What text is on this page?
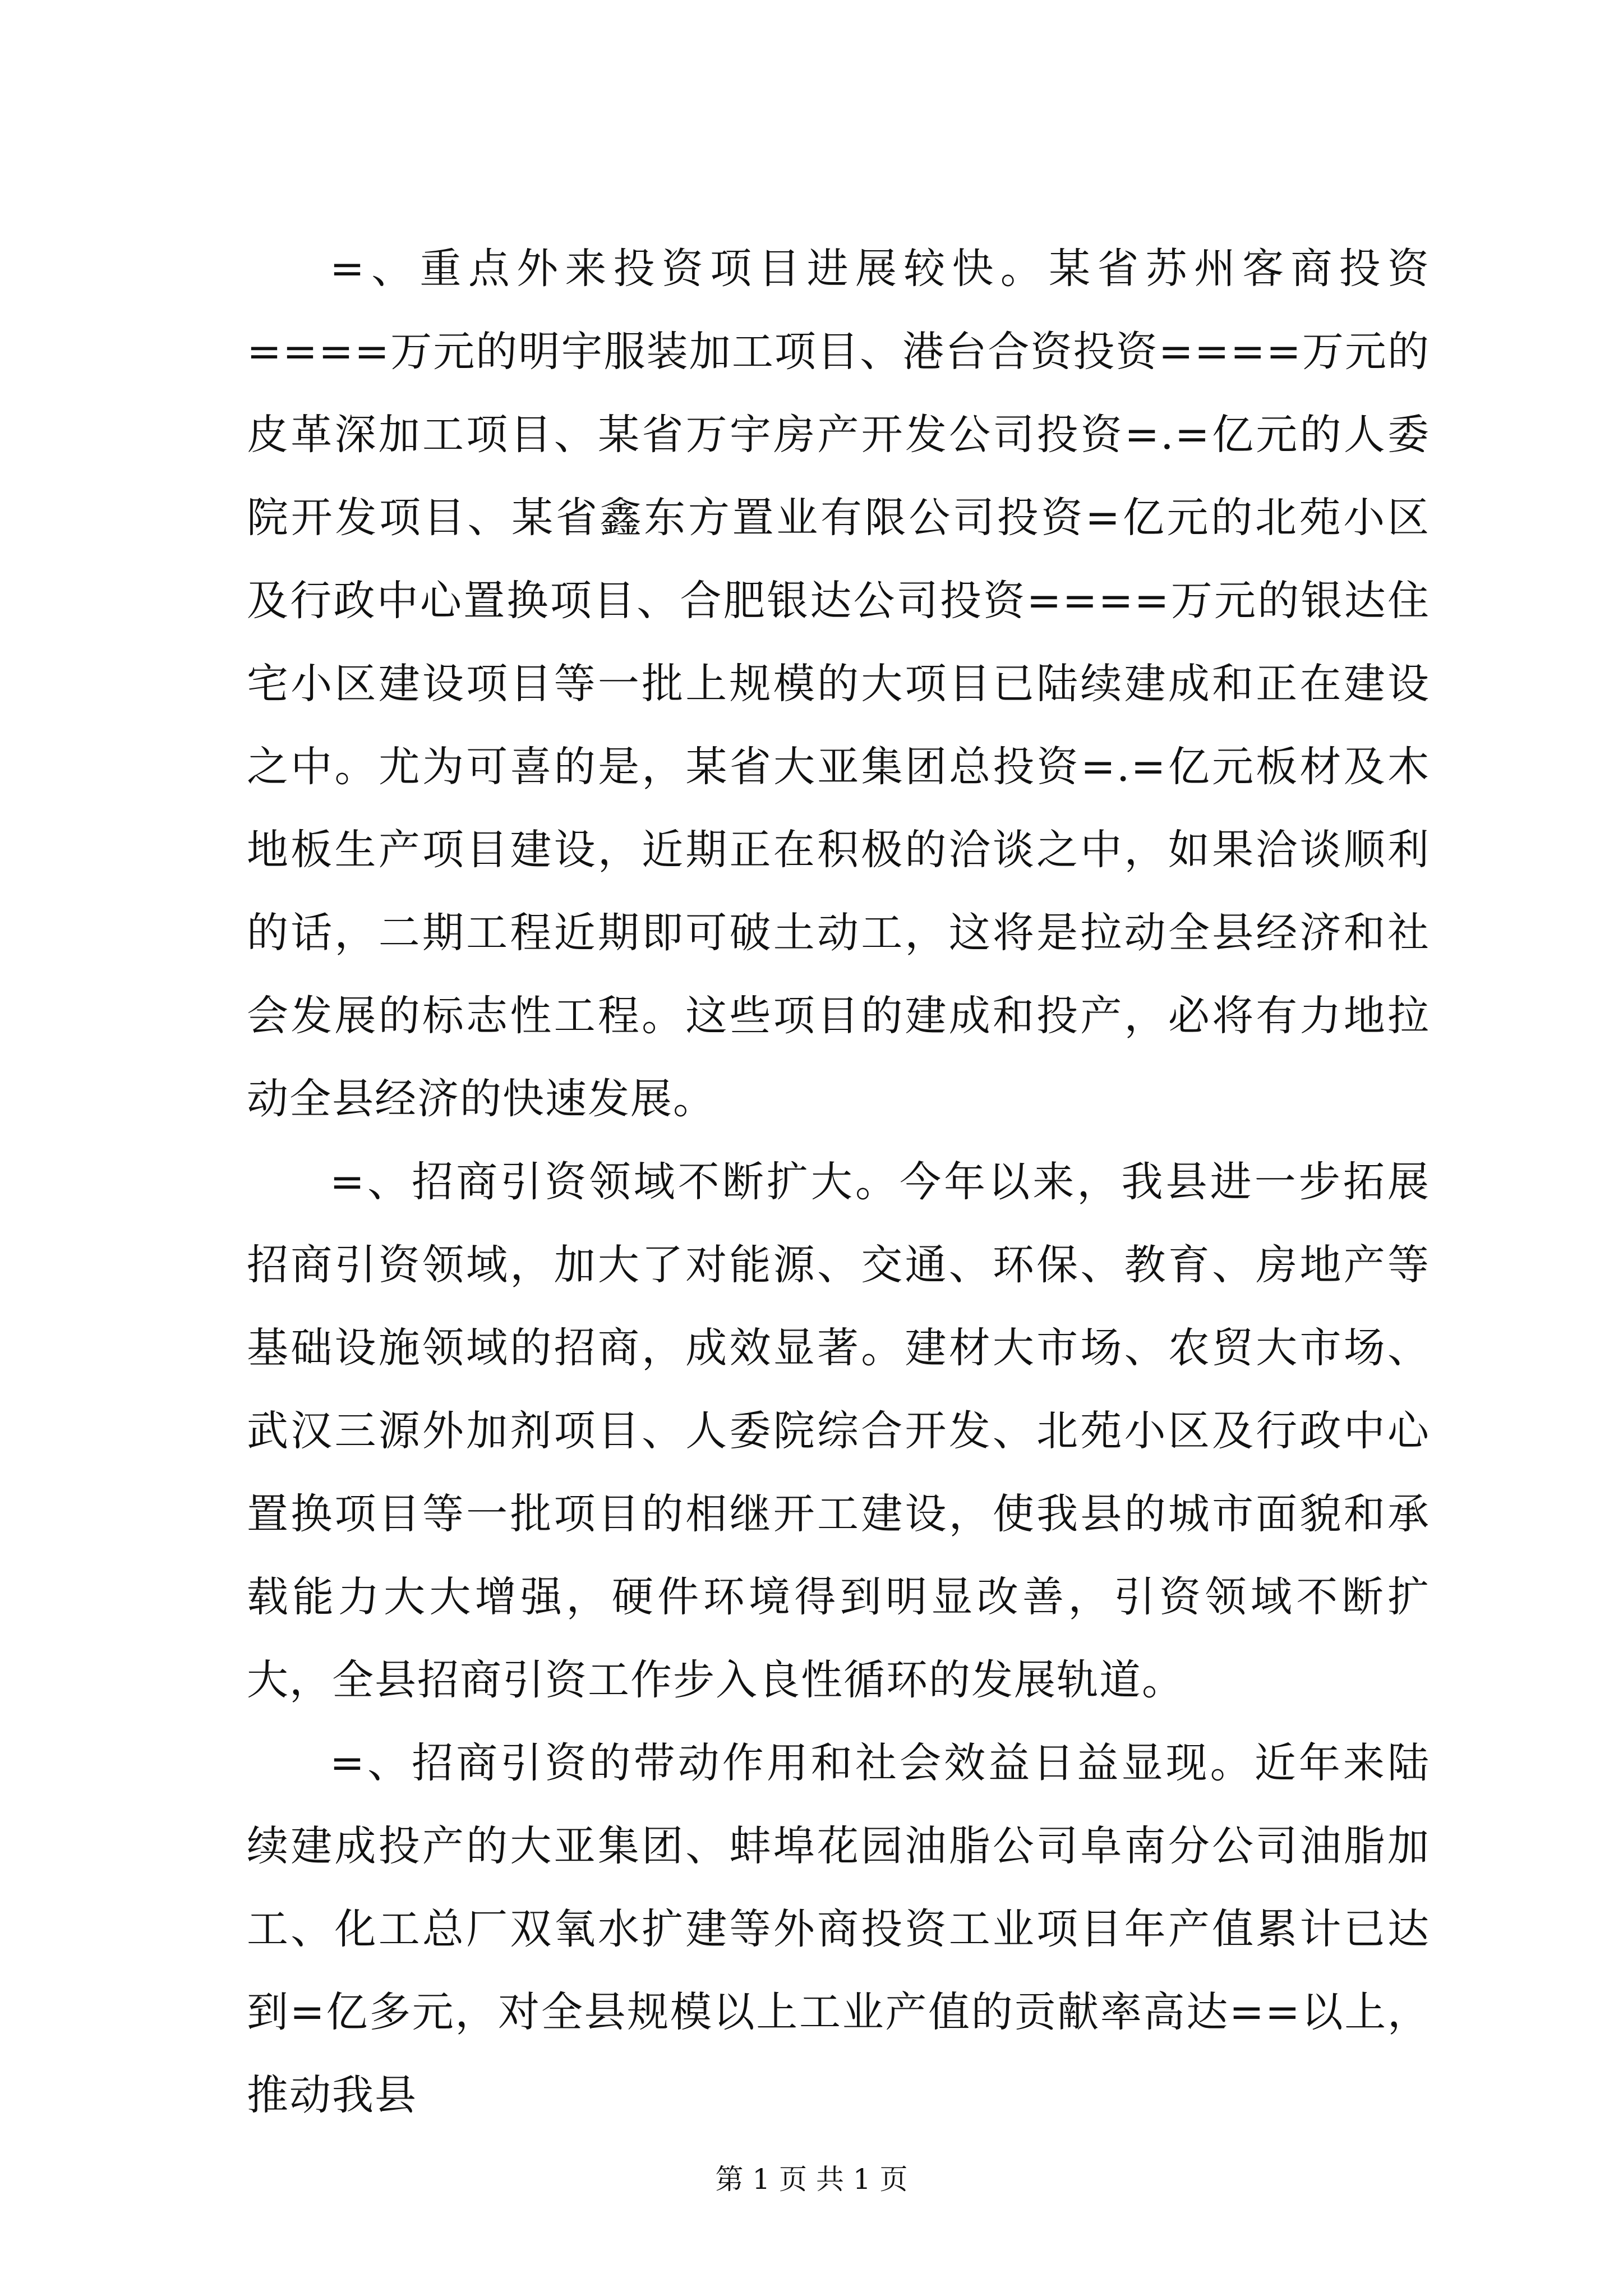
=、重点外来投资项目进展较快。某省苏州客商投资====万元的明宇服装加工项目、港台合资投资====万元的皮革深加工项目、某省万宇房产开发公司投资=.=亿元的人委院开发项目、某省鑫东方置业有限公司投资=亿元的北苑小区及行政中心置换项目、合肥银达公司投资====万元的银达住宅小区建设项目等一批上规模的大项目已陆续建成和正在建设之中。尤为可喜的是，某省大亚集团总投资=.=亿元板材及木地板生产项目建设，近期正在积极的洽谈之中，如果洽谈顺利的话，二期工程近期即可破土动工，这将是拉动全县经济和社会发展的标志性工程。这些项目的建成和投产，必将有力地拉动全县经济的快速发展。

=、招商引资领域不断扩大。今年以来，我县进一步拓展招商引资领域，加大了对能源、交通、环保、教育、房地产等基础设施领域的招商，成效显著。建材大市场、农贸大市场、武汉三源外加剂项目、人委院综合开发、北苑小区及行政中心置换项目等一批项目的相继开工建设，使我县的城市面貌和承载能力大大增强，硬件环境得到明显改善，引资领域不断扩大，全县招商引资工作步入良性循环的发展轨道。

=、招商引资的带动作用和社会效益日益显现。近年来陆续建成投产的大亚集团、蚌埠花园油脂公司阜南分公司油脂加工、化工总厂双氧水扩建等外商投资工业项目年产值累计已达到=亿多元，对全县规模以上工业产值的贡献率高达==以上，推动我县

第 1 页 共 1 页
